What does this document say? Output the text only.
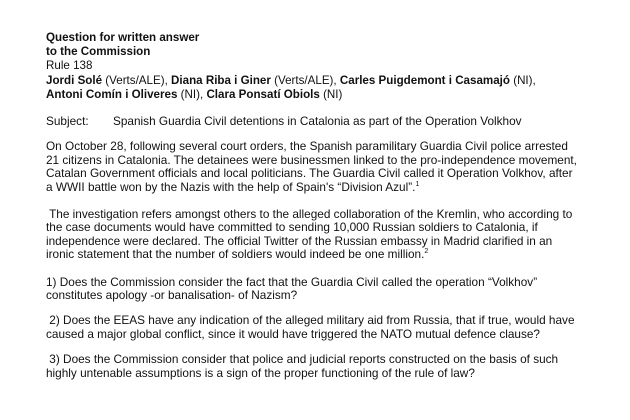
Question for written answer
to the Commission
Rule 138
Jordi Solé (Verts/ALE), Diana Riba i Giner (Verts/ALE), Carles Puigdemont i Casamajó (NI),
Antoni Comín i Oliveres (NI), Clara Ponsatí Obiols (NI)
Subject:	Spanish Guardia Civil detentions in Catalonia as part of the Operation Volkhov
On October 28, following several court orders, the Spanish paramilitary Guardia Civil police arrested
21 citizens in Catalonia. The detainees were businessmen linked to the pro-independence movement,
Catalan Government officials and local politicians. The Guardia Civil called it Operation Volkhov, after
a WWII battle won by the Nazis with the help of Spain's “Division Azul”.$^1$
The investigation refers amongst others to the alleged collaboration of the Kremlin, who according to
the case documents would have committed to sending 10,000 Russian soldiers to Catalonia, if
independence were declared. The official Twitter of the Russian embassy in Madrid clarified in an
ironic statement that the number of soldiers would indeed be one million.$^2$
1) Does the Commission consider the fact that the Guardia Civil called the operation “Volkhov”
constitutes apology -or banalisation- of Nazism?
2) Does the EEAS have any indication of the alleged military aid from Russia, that if true, would have
caused a major global conflict, since it would have triggered the NATO mutual defence clause?
3) Does the Commission consider that police and judicial reports constructed on the basis of such
highly untenable assumptions is a sign of the proper functioning of the rule of law?
